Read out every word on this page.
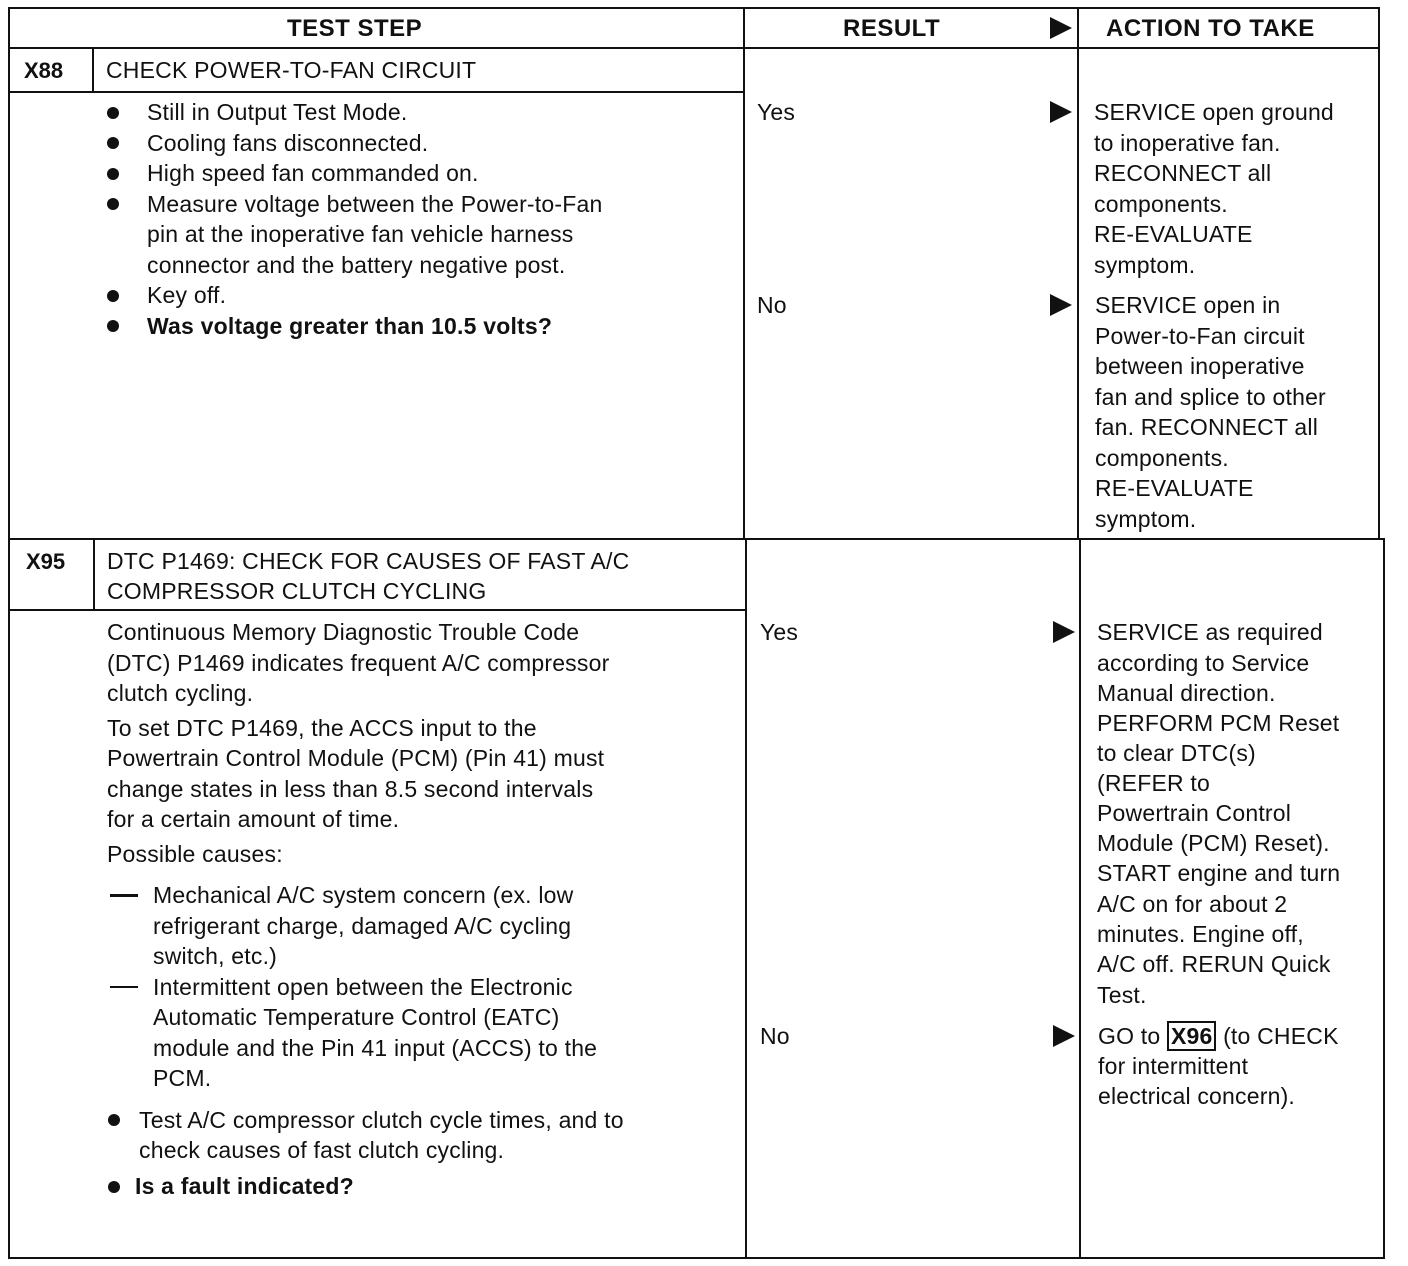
TEST STEP	RESULT	ACTION TO TAKE
X88 CHECK POWER-TO-FAN CIRCUIT
Still in Output Test Mode.
Cooling fans disconnected.
High speed fan commanded on.
Measure voltage between the Power-to-Fan
pin at the inoperative fan vehicle harness
connector and the battery negative post.
Key off.
Was voltage greater than 10.5 volts?
Yes
No
SERVICE open ground
to inoperative fan.
RECONNECT all
components.
RE-EVALUATE
symptom.
SERVICE open in
Power-to-Fan circuit
between inoperative
fan and splice to other
fan. RECONNECT all
components.
RE-EVALUATE
symptom.
X95 DTC P1469: CHECK FOR CAUSES OF FAST A/C
COMPRESSOR CLUTCH CYCLING
Continuous Memory Diagnostic Trouble Code
(DTC) P1469 indicates frequent A/C compressor
clutch cycling.
To set DTC P1469, the ACCS input to the
Powertrain Control Module (PCM) (Pin 41) must
change states in less than 8.5 second intervals
for a certain amount of time.
Possible causes:
Mechanical A/C system concern (ex. low
refrigerant charge, damaged A/C cycling
switch, etc.)
Intermittent open between the Electronic
Automatic Temperature Control (EATC)
module and the Pin 41 input (ACCS) to the
PCM.
Test A/C compressor clutch cycle times, and to
check causes of fast clutch cycling.
Is a fault indicated?
Yes
No
SERVICE as required
according to Service
Manual direction.
PERFORM PCM Reset
to clear DTC(s)
(REFER to
Powertrain Control
Module (PCM) Reset).
START engine and turn
A/C on for about 2
minutes. Engine off,
A/C off. RERUN Quick
Test.
GO to X96 (to CHECK
for intermittent
electrical concern).
